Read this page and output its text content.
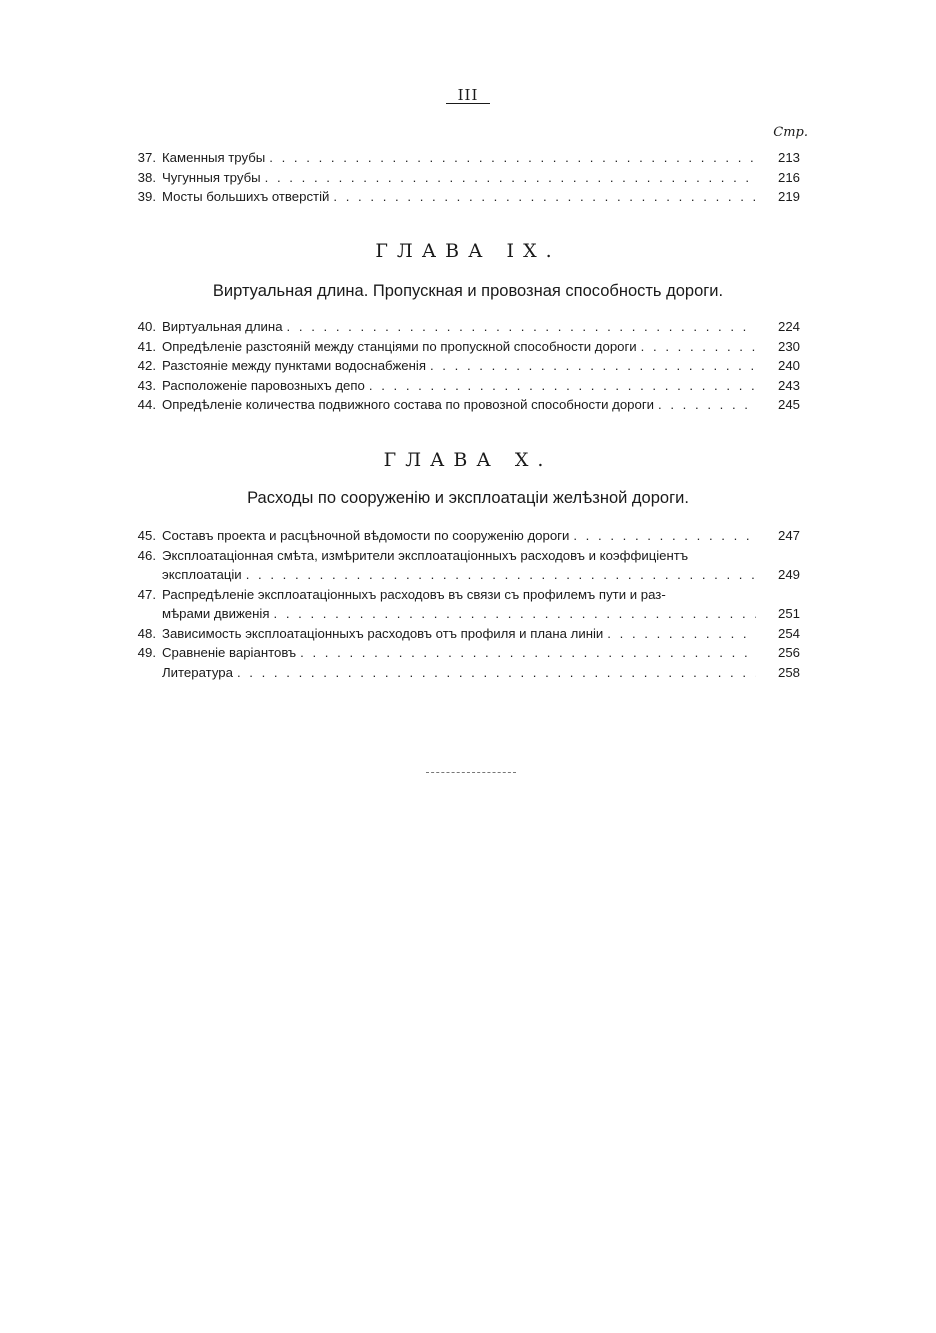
III
Стр.
37. Каменныя трубы . . .	213
38. Чугунныя трубы . . .	216
39. Мосты большихъ отверстій . . .	219
ГЛАВА IX.
Виртуальная длина. Пропускная и провозная способность дороги.
40. Виртуальная длина . . .	224
41. Опредѣленіе разстояній между станціями по пропускной способности дороги . . .	230
42. Разстояніе между пунктами водоснабженія . . .	240
43. Расположеніе паровозныхъ депо . . .	243
44. Опредѣленіе количества подвижного состава по провозной способности дороги . . .	245
ГЛАВА X.
Расходы по сооруженію и эксплоатаціи желѣзной дороги.
45. Составъ проекта и расцѣночной вѣдомости по сооруженію дороги . . .	247
46. Эксплоатаціонная смѣта, измѣрители эксплоатаціонныхъ расходовъ и коэффиціентъ
эксплоатаціи . . .	249
47. Распредѣленіе эксплоатаціонныхъ расходовъ въ связи съ профилемъ пути и раз-
мѣрами движенія . . .	251
48. Зависимость эксплоатаціонныхъ расходовъ отъ профиля и плана линіи . . .	254
49. Сравненіе варіантовъ . . .	256
Литература . . .	258
